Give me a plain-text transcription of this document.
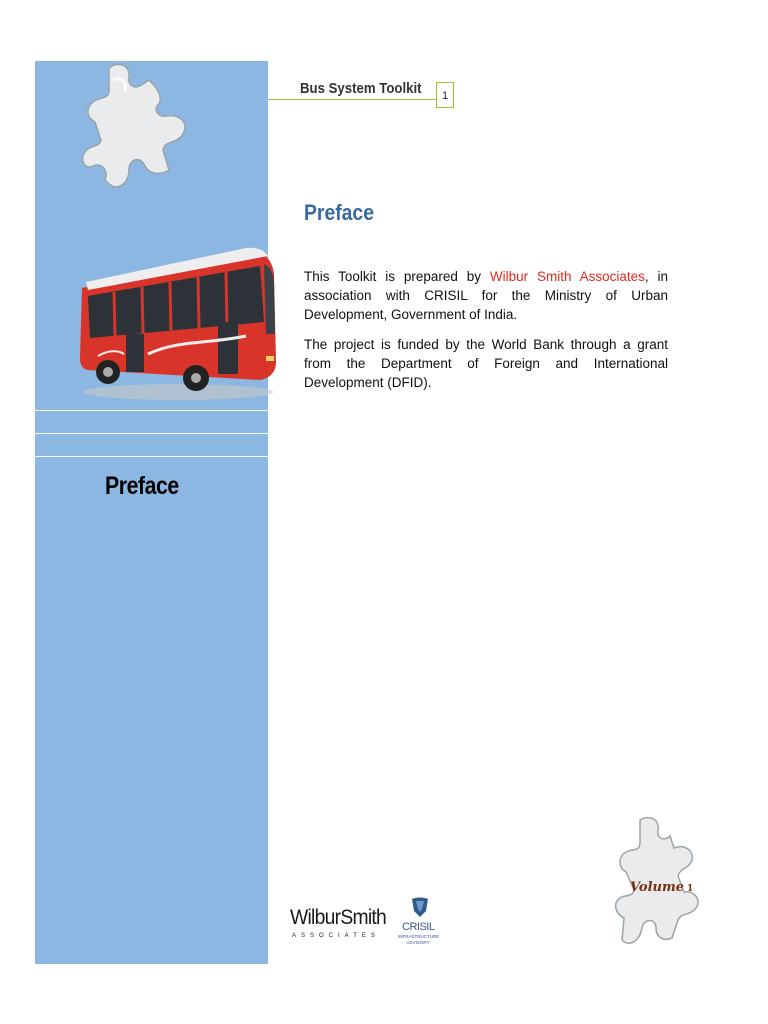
Preface
Bus System Toolkit	1
Preface
This Toolkit is prepared by Wilbur Smith Associates, in association with CRISIL for the Ministry of Urban Development, Government of India.
The project is funded by the World Bank through a grant from the Department of Foreign and International Development (DFID).
WilburSmith
ASSOCIATES
CRISIL
INFRASTRUCTURE ADVISORY
Volume 1
